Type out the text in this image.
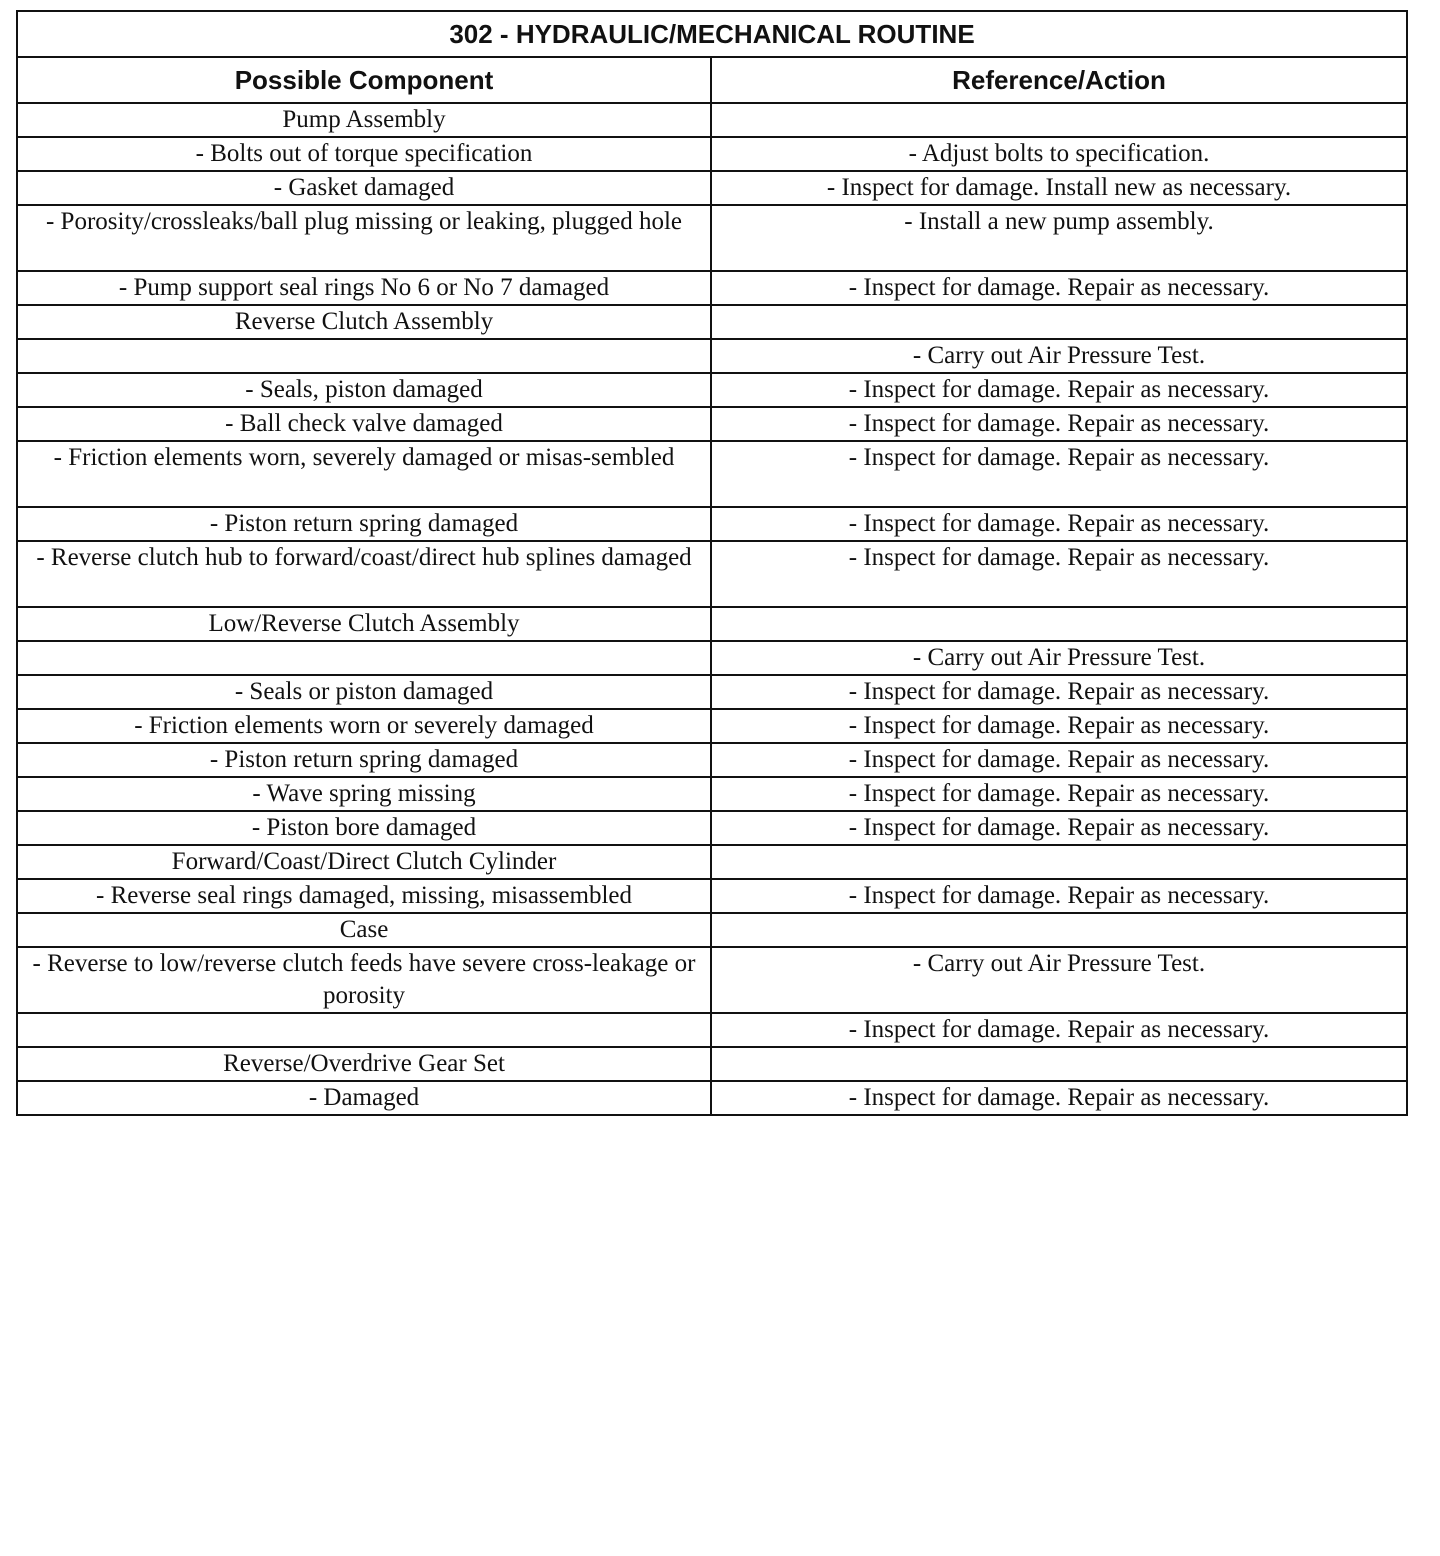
302 - HYDRAULIC/MECHANICAL ROUTINE	
Possible Component	Reference/Action
Pump Assembly	
- Bolts out of torque specification	- Adjust bolts to specification.
- Gasket damaged	- Inspect for damage. Install new as necessary.
- Porosity/crossleaks/ball plug missing or leaking, plugged hole	- Install a new pump assembly.
- Pump support seal rings No 6 or No 7 damaged	- Inspect for damage. Repair as necessary.
Reverse Clutch Assembly	
	- Carry out Air Pressure Test.
- Seals, piston damaged	- Inspect for damage. Repair as necessary.
- Ball check valve damaged	- Inspect for damage. Repair as necessary.
- Friction elements worn, severely damaged or misas-sembled	- Inspect for damage. Repair as necessary.
- Piston return spring damaged	- Inspect for damage. Repair as necessary.
- Reverse clutch hub to forward/coast/direct hub splines damaged	- Inspect for damage. Repair as necessary.
Low/Reverse Clutch Assembly	
	- Carry out Air Pressure Test.
- Seals or piston damaged	- Inspect for damage. Repair as necessary.
- Friction elements worn or severely damaged	- Inspect for damage. Repair as necessary.
- Piston return spring damaged	- Inspect for damage. Repair as necessary.
- Wave spring missing	- Inspect for damage. Repair as necessary.
- Piston bore damaged	- Inspect for damage. Repair as necessary.
Forward/Coast/Direct Clutch Cylinder	
- Reverse seal rings damaged, missing, misassembled	- Inspect for damage. Repair as necessary.
Case	
- Reverse to low/reverse clutch feeds have severe cross-leakage or porosity	- Carry out Air Pressure Test.
	- Inspect for damage. Repair as necessary.
Reverse/Overdrive Gear Set	
- Damaged	- Inspect for damage. Repair as necessary.
